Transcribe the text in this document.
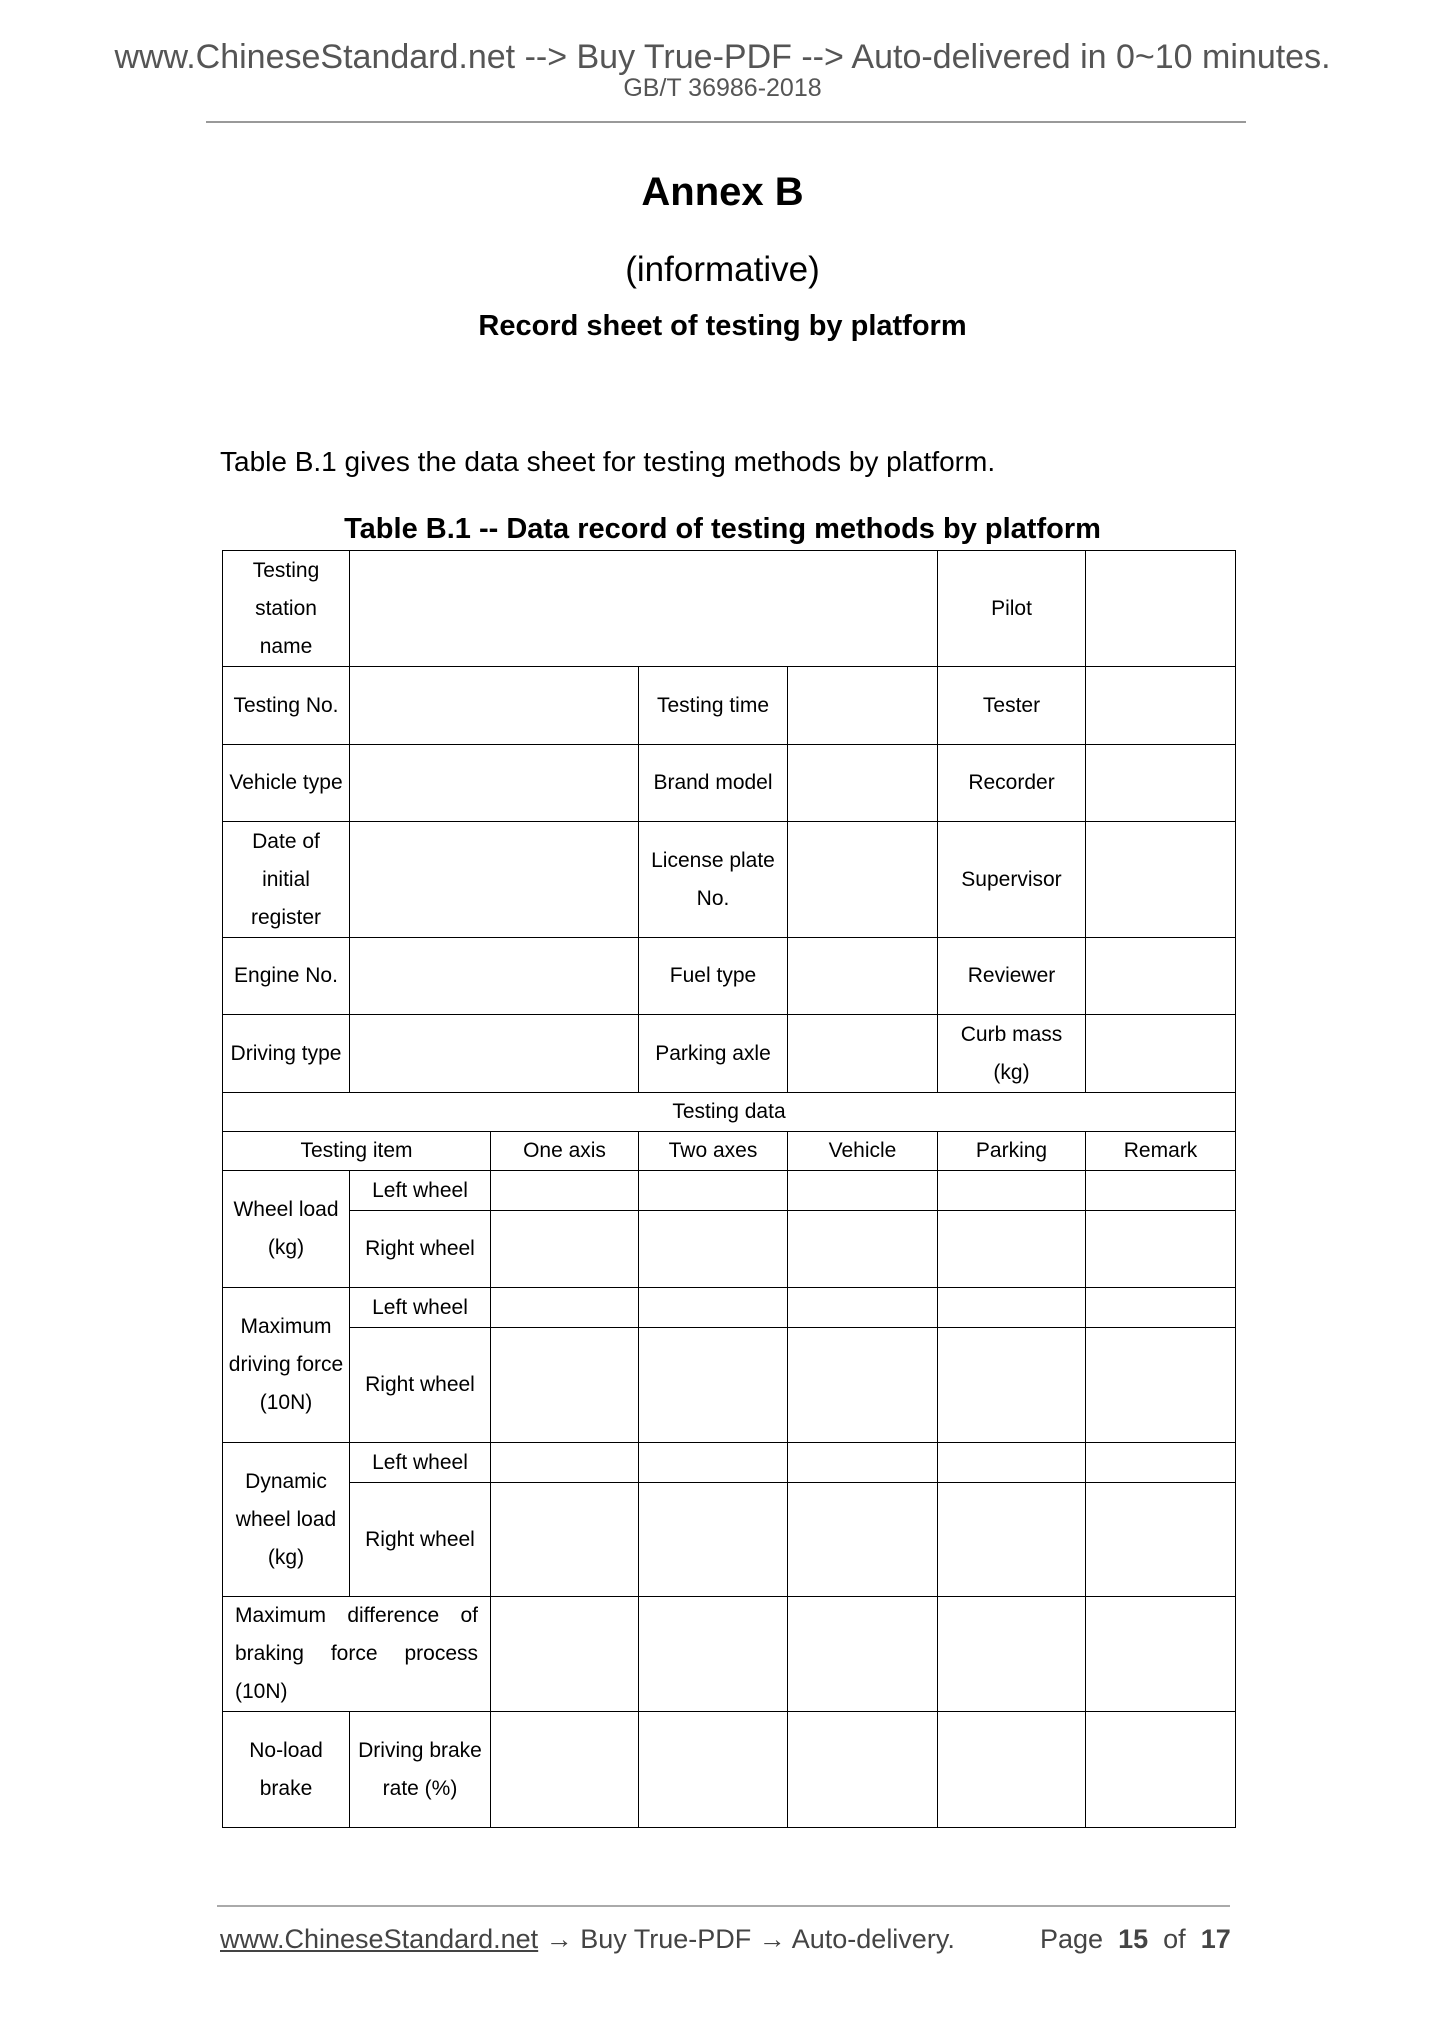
www.ChineseStandard.net --> Buy True-PDF --> Auto-delivered in 0~10 minutes.
GB/T 36986-2018
Annex B
(informative)
Record sheet of testing by platform
Table B.1 gives the data sheet for testing methods by platform.
Table B.1 -- Data record of testing methods by platform
Testing station name					Pilot	
Testing No.			Testing time		Tester	
Vehicle type			Brand model		Recorder	
Date of initial register			License plate No.		Supervisor	
Engine No.			Fuel type		Reviewer	
Driving type			Parking axle		Curb mass (kg)	
Testing data						
Testing item		One axis	Two axes	Vehicle	Parking	Remark
Wheel load (kg)	Left wheel					
	Right wheel					
Maximum driving force (10N)	Left wheel					
	Right wheel					
Dynamic wheel load (kg)	Left wheel					
	Right wheel					
Maximum difference of braking force process (10N)						
No-load brake	Driving brake rate (%)					
www.ChineseStandard.net → Buy True-PDF → Auto-delivery.	Page 15 of 17
